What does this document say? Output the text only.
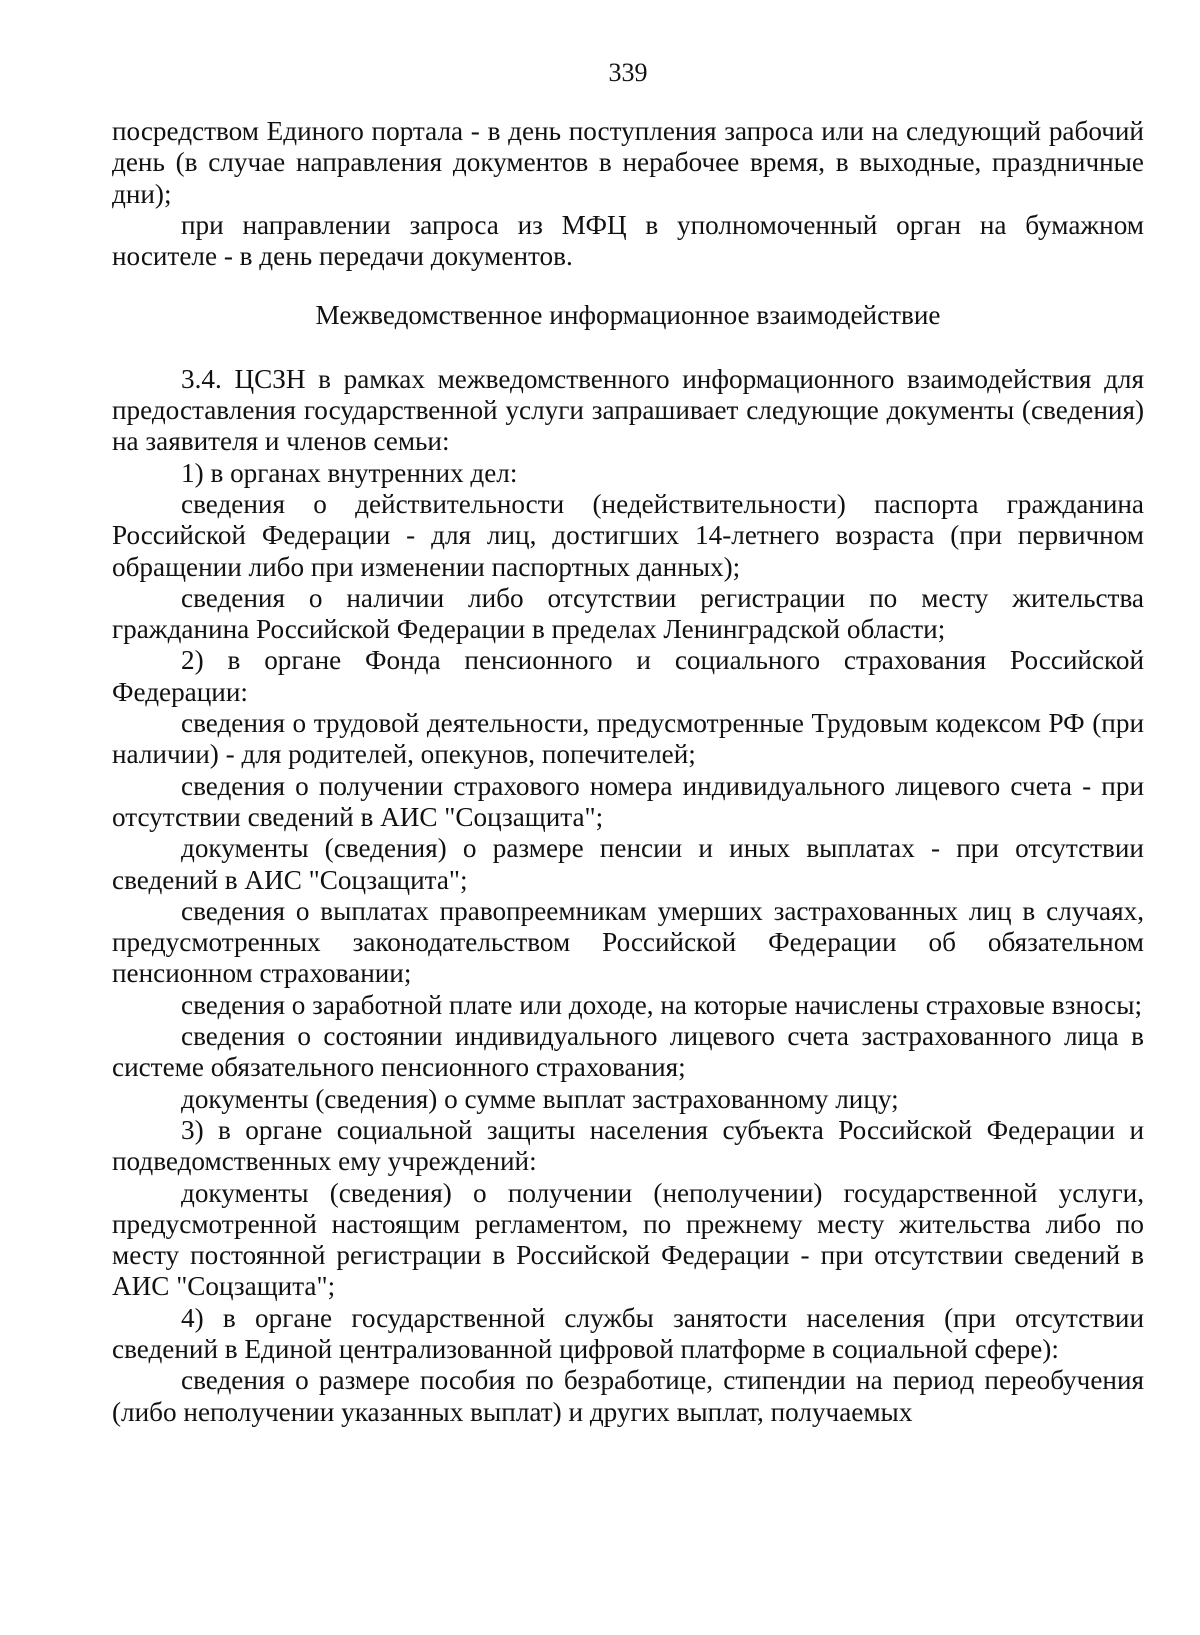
339

посредством Единого портала - в день поступления запроса или на следующий рабочий день (в случае направления документов в нерабочее время, в выходные, праздничные дни);

при направлении запроса из МФЦ в уполномоченный орган на бумажном носителе - в день передачи документов.

Межведомственное информационное взаимодействие

3.4. ЦСЗН в рамках межведомственного информационного взаимодействия для предоставления государственной услуги запрашивает следующие документы (сведения) на заявителя и членов семьи:

1) в органах внутренних дел:

сведения о действительности (недействительности) паспорта гражданина Российской Федерации - для лиц, достигших 14-летнего возраста (при первичном обращении либо при изменении паспортных данных);

сведения о наличии либо отсутствии регистрации по месту жительства гражданина Российской Федерации в пределах Ленинградской области;

2) в органе Фонда пенсионного и социального страхования Российской Федерации:

сведения о трудовой деятельности, предусмотренные Трудовым кодексом РФ (при наличии) - для родителей, опекунов, попечителей;

сведения о получении страхового номера индивидуального лицевого счета - при отсутствии сведений в АИС "Соцзащита";

документы (сведения) о размере пенсии и иных выплатах - при отсутствии сведений в АИС "Соцзащита";

сведения о выплатах правопреемникам умерших застрахованных лиц в случаях, предусмотренных законодательством Российской Федерации об обязательном пенсионном страховании;

сведения о заработной плате или доходе, на которые начислены страховые взносы;

сведения о состоянии индивидуального лицевого счета застрахованного лица в системе обязательного пенсионного страхования;

документы (сведения) о сумме выплат застрахованному лицу;

3) в органе социальной защиты населения субъекта Российской Федерации и подведомственных ему учреждений:

документы (сведения) о получении (неполучении) государственной услуги, предусмотренной настоящим регламентом, по прежнему месту жительства либо по месту постоянной регистрации в Российской Федерации - при отсутствии сведений в АИС "Соцзащита";

4) в органе государственной службы занятости населения (при отсутствии сведений в Единой централизованной цифровой платформе в социальной сфере):

сведения о размере пособия по безработице, стипендии на период переобучения (либо неполучении указанных выплат) и других выплат, получаемых
